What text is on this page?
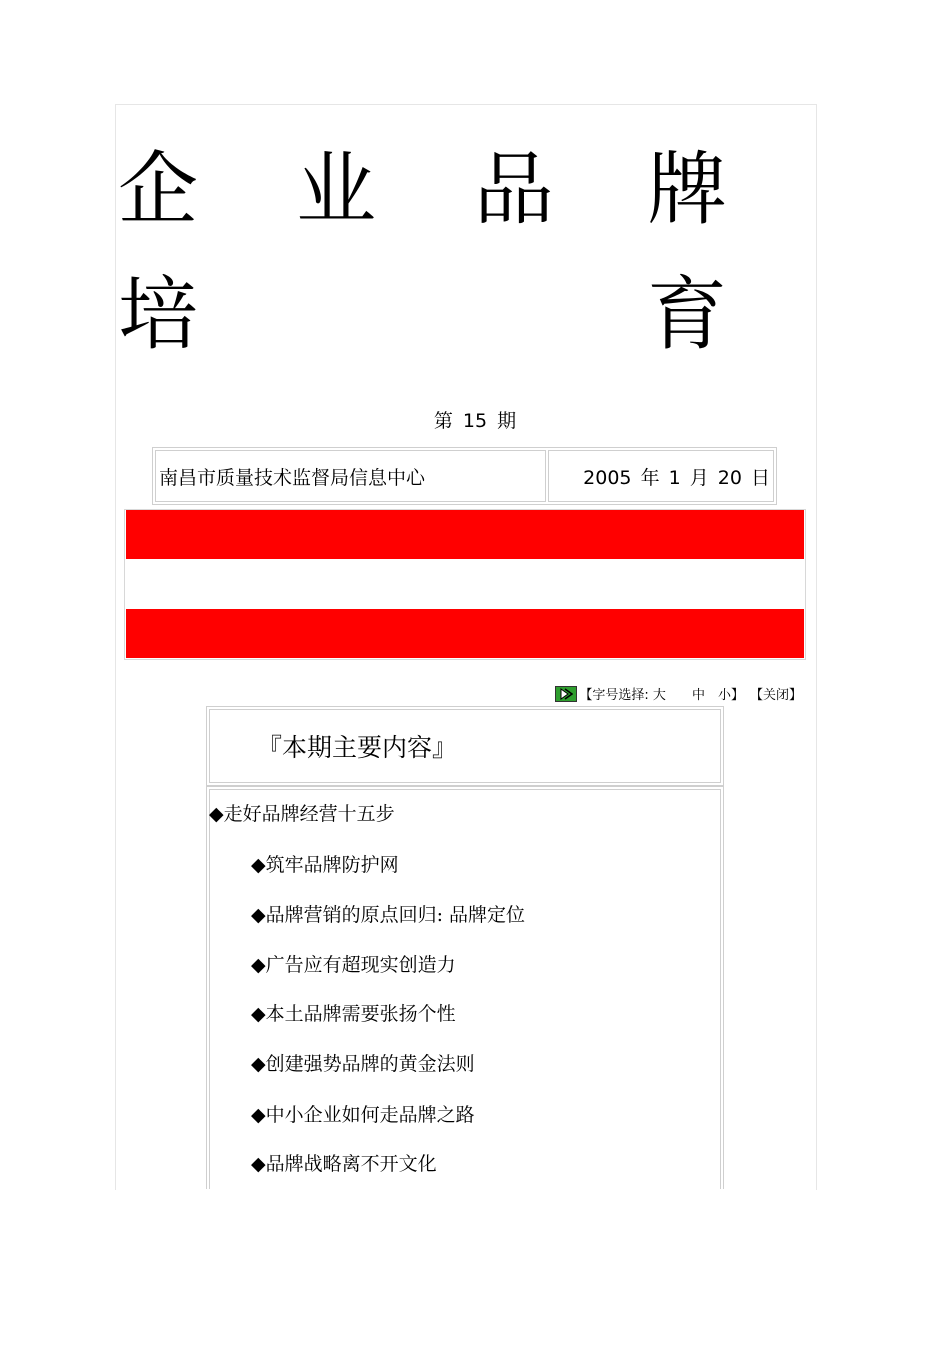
企 业 品 牌
培	育
第 15 期
南昌市质量技术监督局信息中心	2005 年 1 月 20 日
【字号选择: 大 中 小 】 【关闭】
『本期主要内容』
◆走好品牌经营十五步
◆筑牢品牌防护网
◆品牌营销的原点回归: 品牌定位
◆广告应有超现实创造力
◆本土品牌需要张扬个性
◆创建强势品牌的黄金法则
◆中小企业如何走品牌之路
◆品牌战略离不开文化
